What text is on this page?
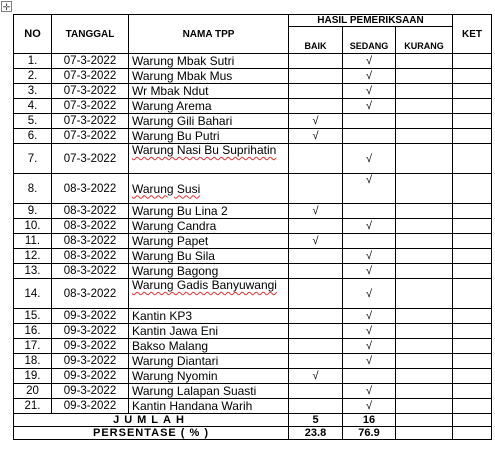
✛
NO	TANGGAL	NAMA TPP	HASIL PEMERIKSAAN			KET
			BAIK	SEDANG	KURANG	
1.	07-3-2022	Warung Mbak Sutri		√		
2.	07-3-2022	Warung Mbak Mus		√		
3.	07-3-2022	Wr Mbak Ndut		√		
4.	07-3-2022	Warung Arema		√		
5.	07-3-2022	Warung Gili Bahari	√			
6.	07-3-2022	Warung Bu Putri	√			
7.	07-3-2022	Warung Nasi Bu Suprihatin		√		
8.	08-3-2022	Warung Susi		√		
9.	08-3-2022	Warung Bu Lina 2	√			
10.	08-3-2022	Warung Candra		√		
11.	08-3-2022	Warung Papet	√			
12.	08-3-2022	Warung Bu Sila		√		
13.	08-3-2022	Warung Bagong		√		
14.	08-3-2022	Warung Gadis Banyuwangi		√		
15.	09-3-2022	Kantin KP3		√		
16.	09-3-2022	Kantin Jawa Eni		√		
17.	09-3-2022	Bakso Malang		√		
18.	09-3-2022	Warung Diantari		√		
19.	09-3-2022	Warung Nyomin	√			
20	09-3-2022	Warung Lalapan Suasti		√		
21.	09-3-2022	Kantin Handana Warih		√		
JUMLAH			5	16		
PERSENTASE ( % )			23.8	76.9		
